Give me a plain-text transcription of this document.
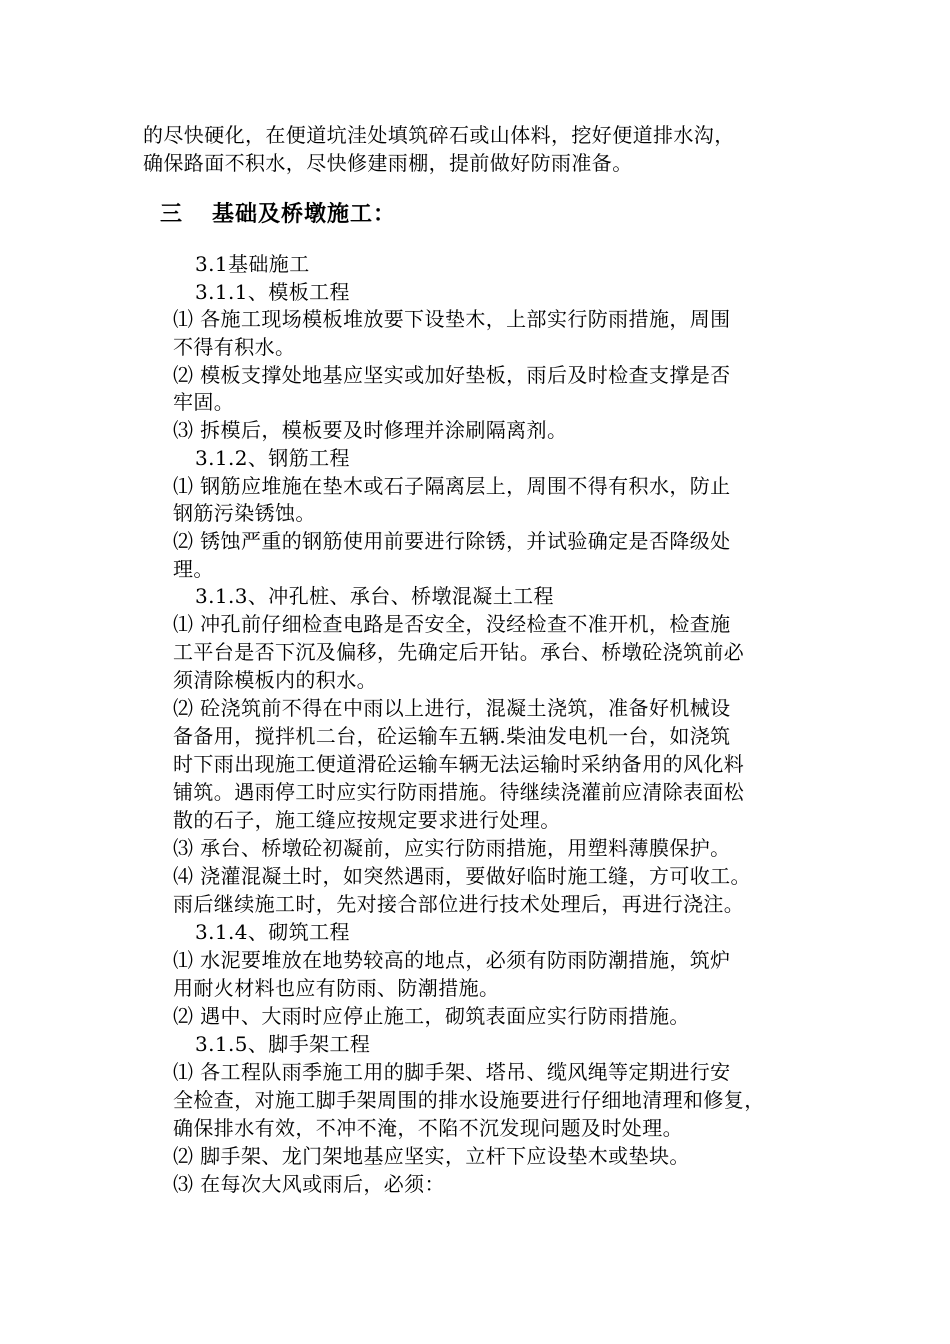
的尽快硬化，在便道坑洼处填筑碎石或山体料，挖好便道排水沟，
确保路面不积水，尽快修建雨棚，提前做好防雨准备。
三 基础及桥墩施工：
3.1基础施工
3.1.1、模板工程
⑴ 各施工现场模板堆放要下设垫木，上部实行防雨措施，周围
不得有积水。
⑵ 模板支撑处地基应坚实或加好垫板，雨后及时检查支撑是否
牢固。
⑶ 拆模后，模板要及时修理并涂刷隔离剂。
3.1.2、钢筋工程
⑴ 钢筋应堆施在垫木或石子隔离层上，周围不得有积水，防止
钢筋污染锈蚀。
⑵ 锈蚀严重的钢筋使用前要进行除锈，并试验确定是否降级处
理。
3.1.3、冲孔桩、承台、桥墩混凝土工程
⑴ 冲孔前仔细检查电路是否安全，没经检查不准开机，检查施
工平台是否下沉及偏移，先确定后开钻。承台、桥墩砼浇筑前必
须清除模板内的积水。
⑵ 砼浇筑前不得在中雨以上进行，混凝土浇筑，准备好机械设
备备用，搅拌机二台，砼运输车五辆.柴油发电机一台，如浇筑
时下雨出现施工便道滑砼运输车辆无法运输时采纳备用的风化料
铺筑。遇雨停工时应实行防雨措施。待继续浇灌前应清除表面松
散的石子，施工缝应按规定要求进行处理。
⑶ 承台、桥墩砼初凝前，应实行防雨措施，用塑料薄膜保护。
⑷ 浇灌混凝土时，如突然遇雨，要做好临时施工缝，方可收工。
雨后继续施工时，先对接合部位进行技术处理后，再进行浇注。
3.1.4、砌筑工程
⑴ 水泥要堆放在地势较高的地点，必须有防雨防潮措施，筑炉
用耐火材料也应有防雨、防潮措施。
⑵ 遇中、大雨时应停止施工，砌筑表面应实行防雨措施。
3.1.5、脚手架工程
⑴ 各工程队雨季施工用的脚手架、塔吊、缆风绳等定期进行安
全检查，对施工脚手架周围的排水设施要进行仔细地清理和修复，
确保排水有效，不冲不淹，不陷不沉发现问题及时处理。
⑵ 脚手架、龙门架地基应坚实，立杆下应设垫木或垫块。
⑶ 在每次大风或雨后，必须：
